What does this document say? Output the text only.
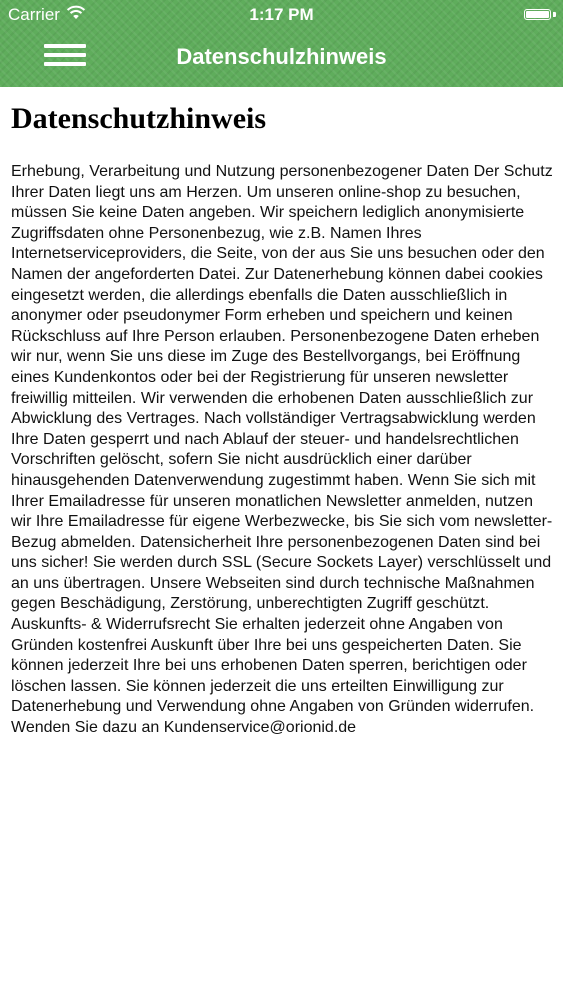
Carrier	1:17 PM
Datenschulzhinweis
Datenschutzhinweis

Erhebung, Verarbeitung und Nutzung personenbezogener Daten Der Schutz Ihrer Daten liegt uns am Herzen. Um unseren online-shop zu besuchen, müssen Sie keine Daten angeben. Wir speichern lediglich anonymisierte Zugriffsdaten ohne Personenbezug, wie z.B. Namen Ihres Internetserviceproviders, die Seite, von der aus Sie uns besuchen oder den Namen der angeforderten Datei. Zur Datenerhebung können dabei cookies eingesetzt werden, die allerdings ebenfalls die Daten ausschließlich in anonymer oder pseudonymer Form erheben und speichern und keinen Rückschluss auf Ihre Person erlauben. Personenbezogene Daten erheben wir nur, wenn Sie uns diese im Zuge des Bestellvorgangs, bei Eröffnung eines Kundenkontos oder bei der Registrierung für unseren newsletter freiwillig mitteilen. Wir verwenden die erhobenen Daten ausschließlich zur Abwicklung des Vertrages. Nach vollständiger Vertragsabwicklung werden Ihre Daten gesperrt und nach Ablauf der steuer- und handelsrechtlichen Vorschriften gelöscht, sofern Sie nicht ausdrücklich einer darüber hinausgehenden Datenverwendung zugestimmt haben. Wenn Sie sich mit Ihrer Emailadresse für unseren monatlichen Newsletter anmelden, nutzen wir Ihre Emailadresse für eigene Werbezwecke, bis Sie sich vom newsletter-Bezug abmelden. Datensicherheit Ihre personenbezogenen Daten sind bei uns sicher! Sie werden durch SSL (Secure Sockets Layer) verschlüsselt und an uns übertragen. Unsere Webseiten sind durch technische Maßnahmen gegen Beschädigung, Zerstörung, unberechtigten Zugriff geschützt. Auskunfts- & Widerrufsrecht Sie erhalten jederzeit ohne Angaben von Gründen kostenfrei Auskunft über Ihre bei uns gespeicherten Daten. Sie können jederzeit Ihre bei uns erhobenen Daten sperren, berichtigen oder löschen lassen. Sie können jederzeit die uns erteilten Einwilligung zur Datenerhebung und Verwendung ohne Angaben von Gründen widerrufen. Wenden Sie dazu an Kundenservice@orionid.de
